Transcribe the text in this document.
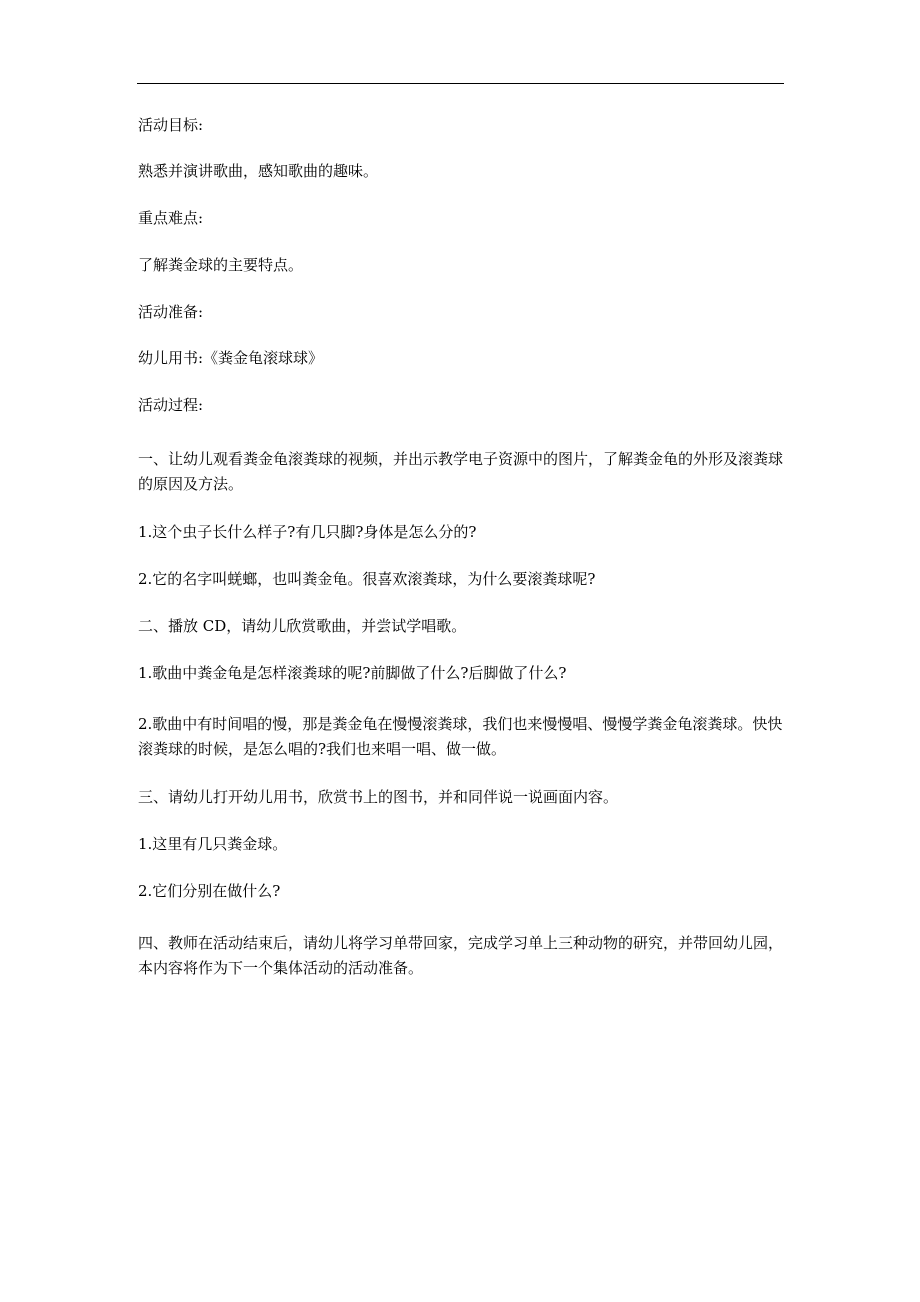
活动目标:

熟悉并演讲歌曲，感知歌曲的趣味。

重点难点:

了解粪金球的主要特点。

活动准备:

幼儿用书:《粪金龟滚球球》

活动过程:

一、让幼儿观看粪金龟滚粪球的视频，并出示教学电子资源中的图片，了解粪金龟的外形及滚粪球的原因及方法。

1.这个虫子长什么样子?有几只脚?身体是怎么分的?

2.它的名字叫蜣螂，也叫粪金龟。很喜欢滚粪球，为什么要滚粪球呢?

二、播放 CD，请幼儿欣赏歌曲，并尝试学唱歌。

1.歌曲中粪金龟是怎样滚粪球的呢?前脚做了什么?后脚做了什么?

2.歌曲中有时间唱的慢，那是粪金龟在慢慢滚粪球，我们也来慢慢唱、慢慢学粪金龟滚粪球。快快滚粪球的时候，是怎么唱的?我们也来唱一唱、做一做。

三、请幼儿打开幼儿用书，欣赏书上的图书，并和同伴说一说画面内容。

1.这里有几只粪金球。

2.它们分别在做什么?

四、教师在活动结束后，请幼儿将学习单带回家，完成学习单上三种动物的研究，并带回幼儿园，本内容将作为下一个集体活动的活动准备。
